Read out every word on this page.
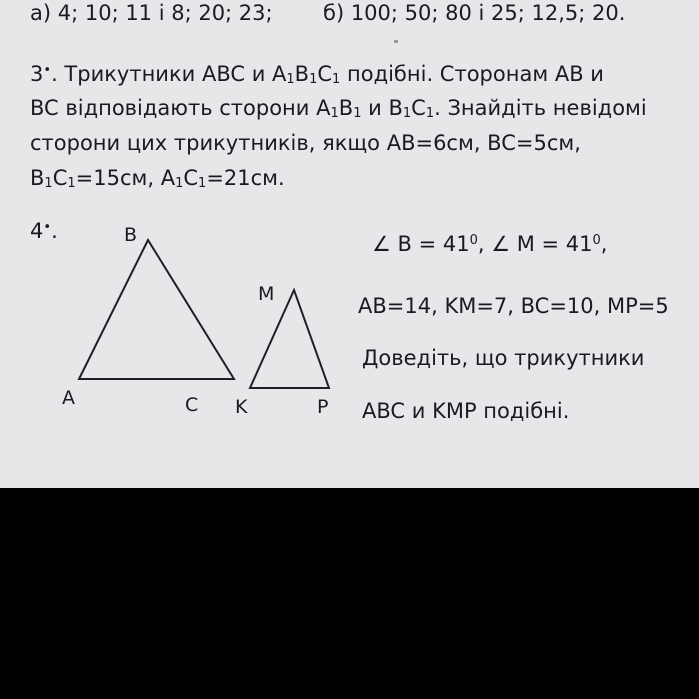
а) 4; 10; 11 і 8; 20; 23; б) 100; 50; 80 і 25; 12,5; 20.
3•. Трикутники ABC и $A_1B_1C_1$ подібні. Сторонам AB и
BC відповідають сторони $A_1B_1$ и $B_1C_1$. Знайдіть невідомі
сторони цих трикутників, якщо AB=6см, BC=5см,
$B_1C_1=15см$, $A_1C_1=21см$.
4•.	B
A	C
M
K	P
∠ $B = 41^0$, ∠ $M = 41^0$,
AB=14, KM=7, BC=10, MP=5
Доведіть, що трикутники
ABC и KMP подібні.
